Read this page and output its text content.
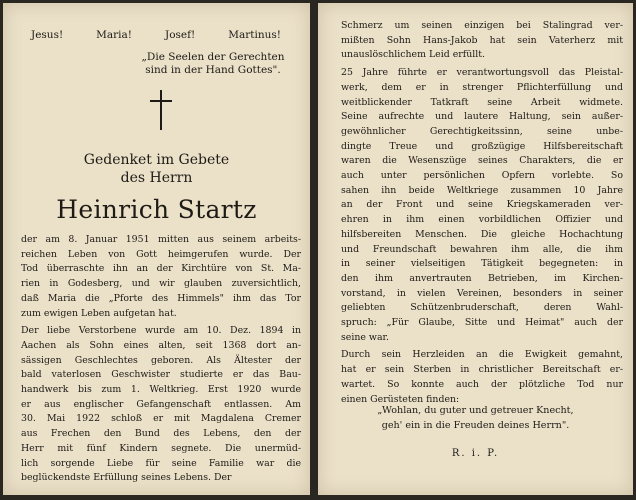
Jesus!	Maria!	Josef!	Martinus!
„Die Seelen der Gerechten
sind in der Hand Gottes".
Gedenket im Gebete
des Herrn
Heinrich Startz

der am 8. Januar 1951 mitten aus seinem arbeits-
reichen Leben von Gott heimgerufen wurde. Der
Tod überraschte ihn an der Kirchtüre von St. Ma-
rien in Godesberg, und wir glauben zuversichtlich,
daß Maria die „Pforte des Himmels" ihm das Tor
zum ewigen Leben aufgetan hat.

Der liebe Verstorbene wurde am 10. Dez. 1894 in
Aachen als Sohn eines alten, seit 1368 dort an-
sässigen Geschlechtes geboren. Als Ältester der
bald vaterlosen Geschwister studierte er das Bau-
handwerk bis zum 1. Weltkrieg. Erst 1920 wurde
er aus englischer Gefangenschaft entlassen. Am
30. Mai 1922 schloß er mit Magdalena Cremer
aus Frechen den Bund des Lebens, den der
Herr mit fünf Kindern segnete. Die unermüd-
lich sorgende Liebe für seine Familie war die
beglückendste Erfüllung seines Lebens. Der

Schmerz um seinen einzigen bei Stalingrad ver-
mißten Sohn Hans-Jakob hat sein Vaterherz mit
unauslöschlichem Leid erfüllt.

25 Jahre führte er verantwortungsvoll das Pleistal-
werk, dem er in strenger Pflichterfüllung und
weitblickender Tatkraft seine Arbeit widmete.
Seine aufrechte und lautere Haltung, sein außer-
gewöhnlicher Gerechtigkeitssinn, seine unbe-
dingte Treue und großzügige Hilfsbereitschaft
waren die Wesenszüge seines Charakters, die er
auch unter persönlichen Opfern vorlebte. So
sahen ihn beide Weltkriege zusammen 10 Jahre
an der Front und seine Kriegskameraden ver-
ehren in ihm einen vorbildlichen Offizier und
hilfsbereiten Menschen. Die gleiche Hochachtung
und Freundschaft bewahren ihm alle, die ihm
in seiner vielseitigen Tätigkeit begegneten: in
den ihm anvertrauten Betrieben, im Kirchen-
vorstand, in vielen Vereinen, besonders in seiner
geliebten Schützenbruderschaft, deren Wahl-
spruch: „Für Glaube, Sitte und Heimat" auch der
seine war.

Durch sein Herzleiden an die Ewigkeit gemahnt,
hat er sein Sterben in christlicher Bereitschaft er-
wartet. So konnte auch der plötzliche Tod nur
einen Gerüsteten finden:

„Wohlan, du guter und getreuer Knecht,
geh' ein in die Freuden deines Herrn".
R. i. P.
